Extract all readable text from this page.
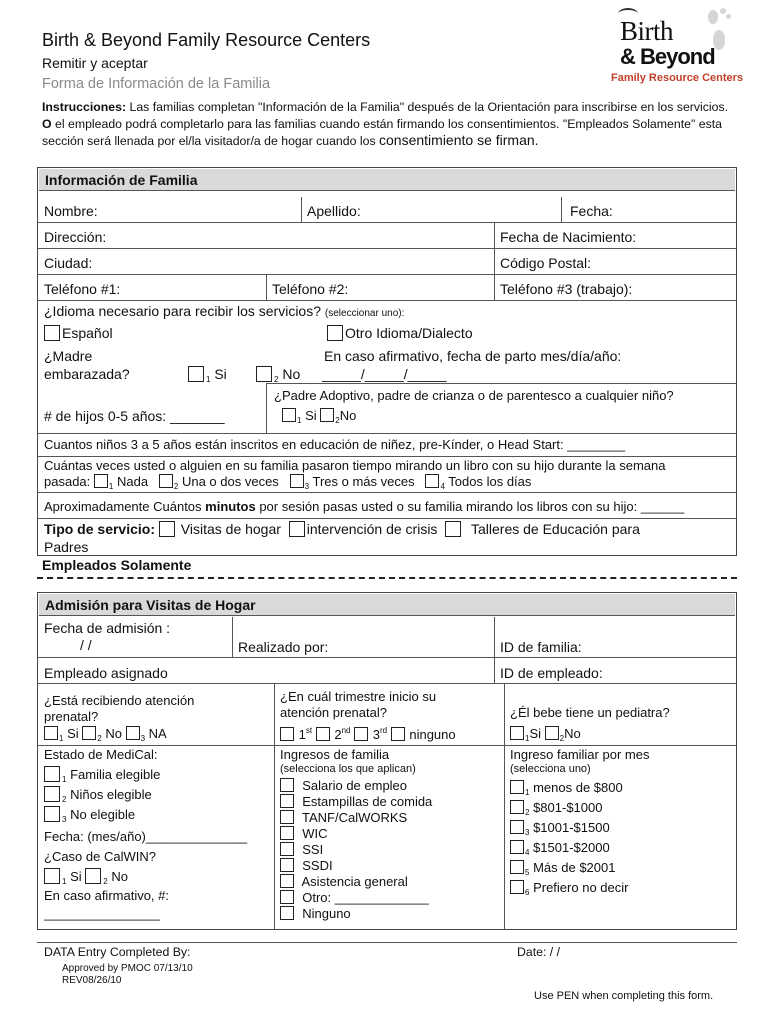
Birth & Beyond Family Resource Centers
Remitir y aceptar
Forma de Información de la Familia
Birth
& Beyond
Family Resource Centers
Instrucciones: Las familias completan "Información de la Familia" después de la Orientación para inscribirse en los servicios. O el empleado podrá completarlo para las familias cuando están firmando los consentimientos. "Empleados Solamente" esta sección será llenada por el/la visitador/a de hogar cuando los consentimiento se firman.
Información de Familia
Nombre:	Apellido:	Fecha:
Dirección:	Fecha de Nacimiento:
Ciudad:	Código Postal:
Teléfono #1:	Teléfono #2:	Teléfono #3 (trabajo):
¿Idioma necesario para recibir los servicios? (seleccionar uno):
Español	Otro Idioma/Dialecto
¿Madre
embarazada?	$_1$ Si	$_2$ No
En caso afirmativo, fecha de parto mes/día/año:
_____/_____/_____
¿Padre Adoptivo, padre de crianza o de parentesco a cualquier niño?
# de hijos 0-5 años: _______	$_1$ Si $_2$No
Cuantos niños 3 a 5 años están inscritos en educación de niñez, pre-Kínder, o Head Start: ________
Cuántas veces usted o alguien en su familia pasaron tiempo mirando un libro con su hijo durante la semana
pasada: $_1$ Nada	$_2$ Una o dos veces	$_3$ Tres o más veces	$_4$ Todos los días
Aproximadamente Cuántos minutos por sesión pasas usted o su familia mirando los libros con su hijo: ______
Tipo de servicio: Visitas de hogar intervención de crisis Talleres de Educación para
Padres
Empleados Solamente
Admisión para Visitas de Hogar
Fecha de admisión :
/ /	Realizado por:	ID de familia:
Empleado asignado	ID de empleado:
¿Está recibiendo atención
prenatal?
$_1$ Si $_2$ No $_3$ NA
¿En cuál trimestre inicio su
atención prenatal?
1st 2nd 3rd ninguno
¿Él bebe tiene un pediatra?
$_1$Si $_2$No
Estado de MediCal:
$_1$ Familia elegible
$_2$ Niños elegible
$_3$ No elegible
Fecha: (mes/año)______________
¿Caso de CalWIN?
$_1$ Si	$_2$ No
En caso afirmativo, #:
________________
Ingresos de familia
(selecciona los que aplican)
Salario de empleo
Estampillas de comida
TANF/CalWORKS
WIC
SSI
SSDI
Asistencia general
Otro: _____________
Ninguno
Ingreso familiar por mes
(selecciona uno)
$_1$ menos de $800
$_2$ $801-$1000
$_3$ $1001-$1500
$_4$ $1501-$2000
$_5$ Más de $2001
$_6$ Prefiero no decir
DATA Entry Completed By:	Date: / /
Approved by PMOC 07/13/10
REV08/26/10
Use PEN when completing this form.
